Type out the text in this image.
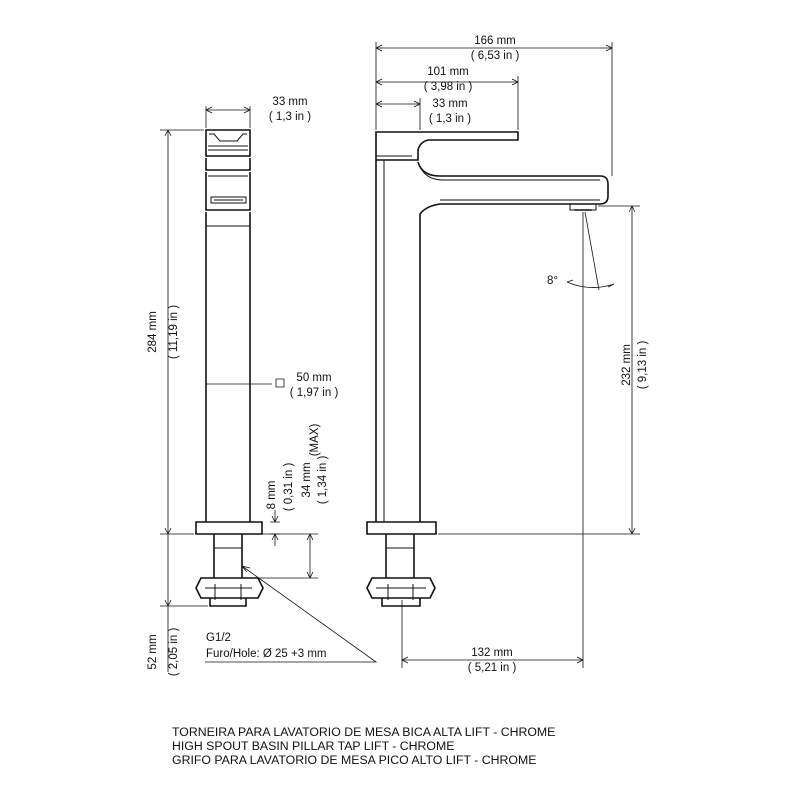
33 mm
( 1,3 in )
284 mm ( 11,19 in )
50 mm
( 1,97 in )
8 mm ( 0,31 in ) 34 mm ( 1,34 in )
(MAX)
52 mm ( 2,05 in ) G1/2
Furo/Hole: Ø 25 +3 mm
166 mm
( 6,53 in )
101 mm
( 3,98 in )
33 mm
( 1,3 in )
8°
232 mm ( 9,13 in )
132 mm
( 5,21 in )
TORNEIRA PARA LAVATORIO DE MESA BICA ALTA LIFT - CHROME
HIGH SPOUT BASIN PILLAR TAP LIFT - CHROME
GRIFO PARA LAVATORIO DE MESA PICO ALTO LIFT - CHROME
